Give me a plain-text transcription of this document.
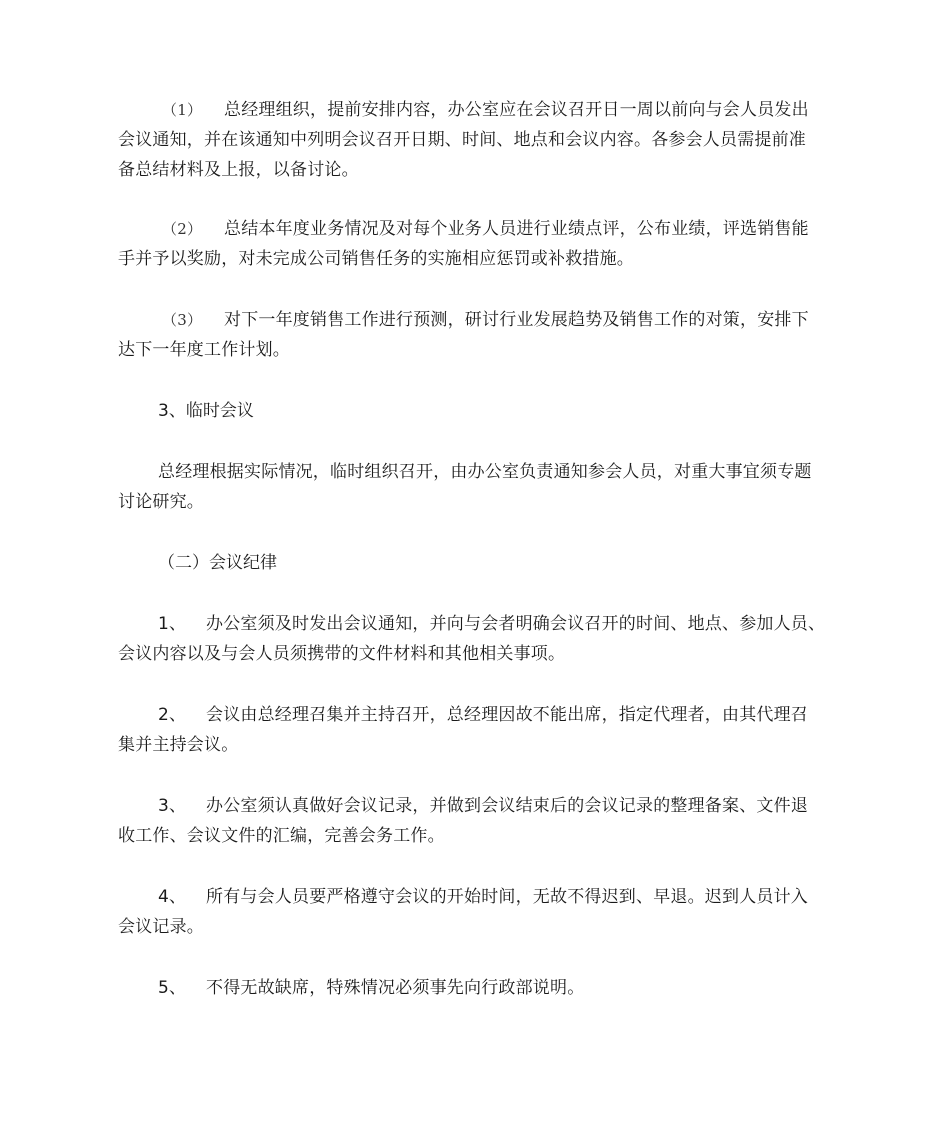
（1） 总经理组织，提前安排内容，办公室应在会议召开日一周以前向与会人员发出
会议通知，并在该通知中列明会议召开日期、时间、地点和会议内容。各参会人员需提前准
备总结材料及上报，以备讨论。

（2） 总结本年度业务情况及对每个业务人员进行业绩点评，公布业绩，评选销售能
手并予以奖励，对未完成公司销售任务的实施相应惩罚或补救措施。

（3） 对下一年度销售工作进行预测，研讨行业发展趋势及销售工作的对策，安排下
达下一年度工作计划。

3、临时会议

总经理根据实际情况，临时组织召开，由办公室负责通知参会人员，对重大事宜须专题
讨论研究。

（二）会议纪律

1、 办公室须及时发出会议通知，并向与会者明确会议召开的时间、地点、参加人员、
会议内容以及与会人员须携带的文件材料和其他相关事项。

2、 会议由总经理召集并主持召开，总经理因故不能出席，指定代理者，由其代理召
集并主持会议。

3、 办公室须认真做好会议记录，并做到会议结束后的会议记录的整理备案、文件退
收工作、会议文件的汇编，完善会务工作。

4、 所有与会人员要严格遵守会议的开始时间，无故不得迟到、早退。迟到人员计入
会议记录。

5、 不得无故缺席，特殊情况必须事先向行政部说明。
